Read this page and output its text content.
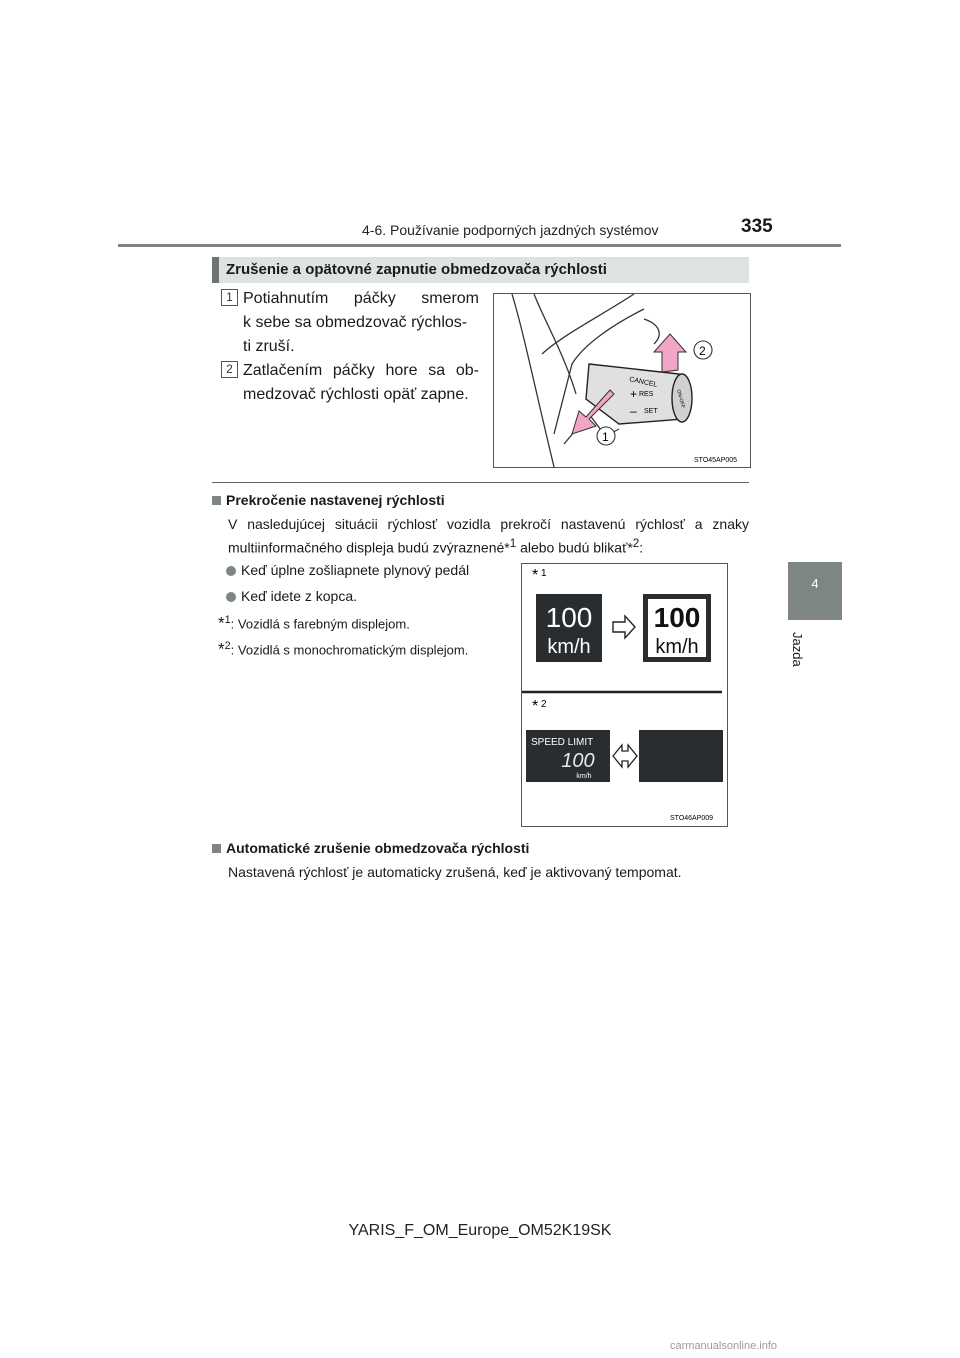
4-6. Používanie podporných jazdných systémov	335
4
Jazda
Zrušenie a opätovné zapnutie obmedzovača rýchlosti
1 Potiahnutím páčky smerom
k sebe sa obmedzovač rýchlos-
ti zruší.
2 Zatlačením páčky hore sa ob-
medzovač rýchlosti opäť zapne.
CANCEL
RES
SET
+
–
ON-OFF
1
2
STO45AP005
Prekročenie nastavenej rýchlosti
V nasledujúcej situácii rýchlosť vozidla prekročí nastavenú rýchlosť a znaky
multiinformačného displeja budú zvýraznené*$^1$ alebo budú blikať*$^2$:
Keď úplne zošliapnete plynový pedál
Keď idete z kopca.
*$^1$: Vozidlá s farebným displejom.
*$^2$: Vozidlá s monochromatickým displejom.
* 1
100
km/h
100
km/h
* 2
SPEED LIMIT
100
km/h
STO46AP009
Automatické zrušenie obmedzovača rýchlosti
Nastavená rýchlosť je automaticky zrušená, keď je aktivovaný tempomat.
YARIS_F_OM_Europe_OM52K19SK
carmanualsonline.info
